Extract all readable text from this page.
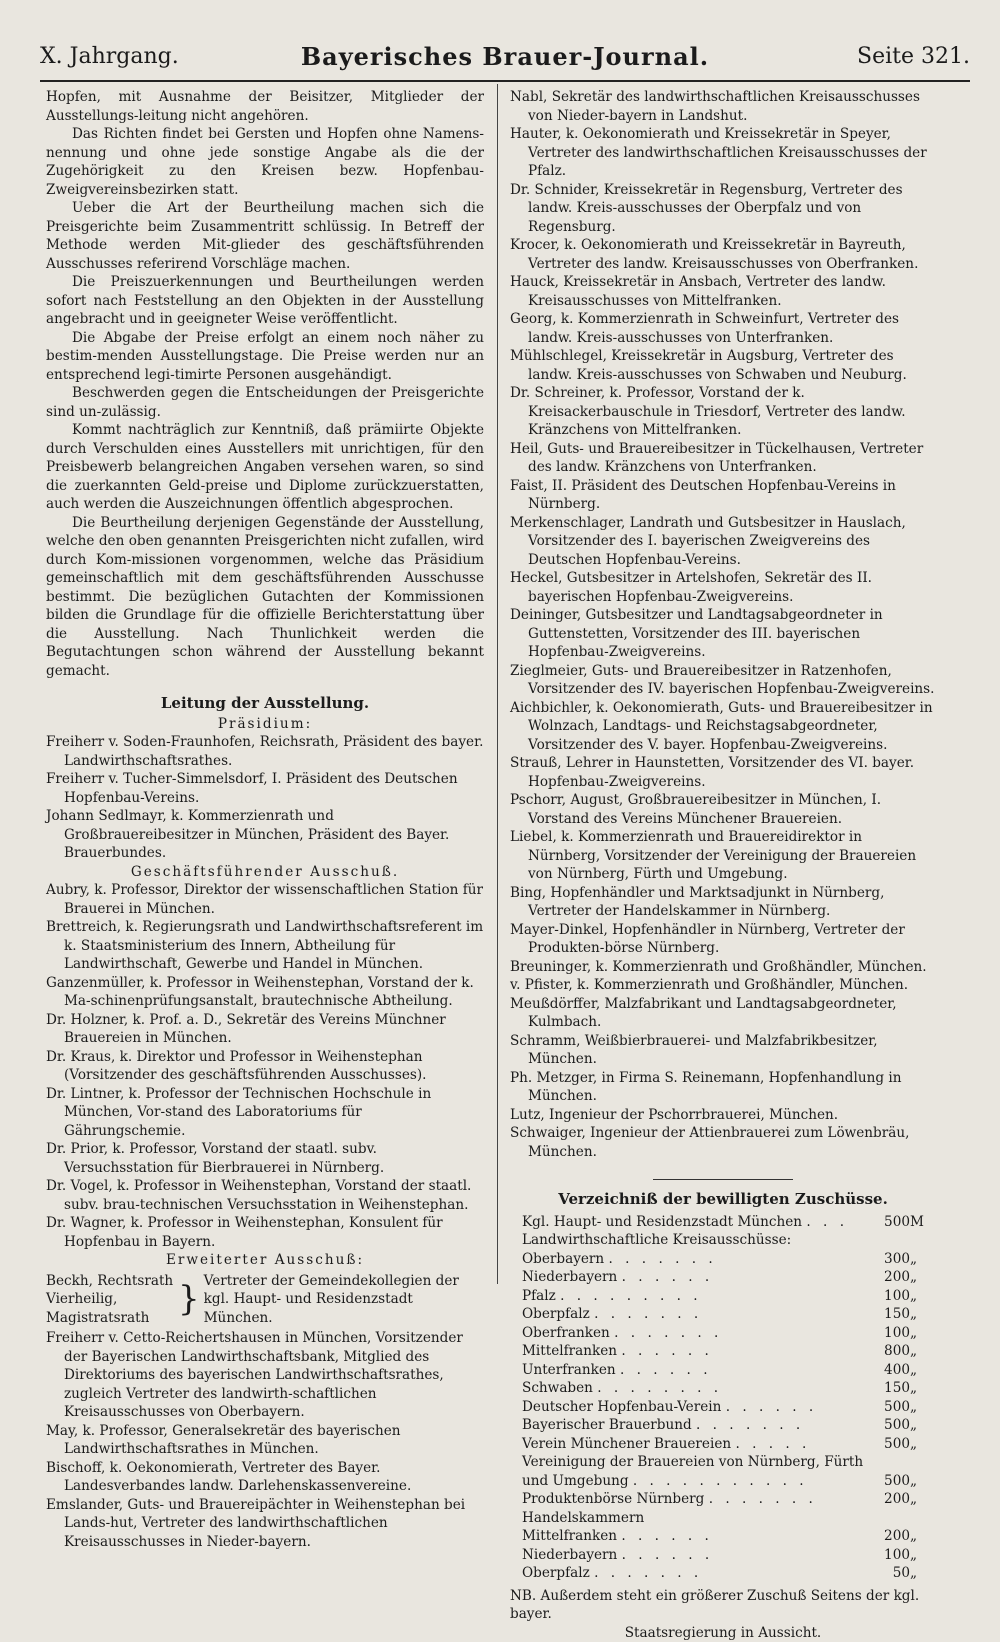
X. Jahrgang.	Bayerisches Brauer-Journal.	Seite 321.

Hopfen, mit Ausnahme der Beisitzer, Mitglieder der Ausstellungs-leitung nicht angehören.

Das Richten findet bei Gersten und Hopfen ohne Namens-nennung und ohne jede sonstige Angabe als die der Zugehörigkeit zu den Kreisen bezw. Hopfenbau-Zweigvereinsbezirken statt.

Ueber die Art der Beurtheilung machen sich die Preisgerichte beim Zusammentritt schlüssig. In Betreff der Methode werden Mit-glieder des geschäftsführenden Ausschusses referirend Vorschläge machen.

Die Preiszuerkennungen und Beurtheilungen werden sofort nach Feststellung an den Objekten in der Ausstellung angebracht und in geeigneter Weise veröffentlicht.

Die Abgabe der Preise erfolgt an einem noch näher zu bestim-menden Ausstellungstage. Die Preise werden nur an entsprechend legi-timirte Personen ausgehändigt.

Beschwerden gegen die Entscheidungen der Preisgerichte sind un-zulässig.

Kommt nachträglich zur Kenntniß, daß prämiirte Objekte durch Verschulden eines Ausstellers mit unrichtigen, für den Preisbewerb belangreichen Angaben versehen waren, so sind die zuerkannten Geld-preise und Diplome zurückzuerstatten, auch werden die Auszeichnungen öffentlich abgesprochen.

Die Beurtheilung derjenigen Gegenstände der Ausstellung, welche den oben genannten Preisgerichten nicht zufallen, wird durch Kom-missionen vorgenommen, welche das Präsidium gemeinschaftlich mit dem geschäftsführenden Ausschusse bestimmt. Die bezüglichen Gutachten der Kommissionen bilden die Grundlage für die offizielle Berichterstattung über die Ausstellung. Nach Thunlichkeit werden die Begutachtungen schon während der Ausstellung bekannt gemacht.

Leitung der Ausstellung.

Präsidium:

Freiherr v. Soden-Fraunhofen, Reichsrath, Präsident des bayer. Landwirthschaftsrathes.

Freiherr v. Tucher-Simmelsdorf, I. Präsident des Deutschen Hopfenbau-Vereins.

Johann Sedlmayr, k. Kommerzienrath und Großbrauereibesitzer in München, Präsident des Bayer. Brauerbundes.

Geschäftsführender Ausschuß.

Aubry, k. Professor, Direktor der wissenschaftlichen Station für Brauerei in München.

Brettreich, k. Regierungsrath und Landwirthschaftsreferent im k. Staatsministerium des Innern, Abtheilung für Landwirthschaft, Gewerbe und Handel in München.

Ganzenmüller, k. Professor in Weihenstephan, Vorstand der k. Ma-schinenprüfungsanstalt, brautechnische Abtheilung.

Dr. Holzner, k. Prof. a. D., Sekretär des Vereins Münchner Brauereien in München.

Dr. Kraus, k. Direktor und Professor in Weihenstephan (Vorsitzender des geschäftsführenden Ausschusses).

Dr. Lintner, k. Professor der Technischen Hochschule in München, Vor-stand des Laboratoriums für Gährungschemie.

Dr. Prior, k. Professor, Vorstand der staatl. subv. Versuchsstation für Bierbrauerei in Nürnberg.

Dr. Vogel, k. Professor in Weihenstephan, Vorstand der staatl. subv. brau-technischen Versuchsstation in Weihenstephan.

Dr. Wagner, k. Professor in Weihenstephan, Konsulent für Hopfenbau in Bayern.

Erweiterter Ausschuß:

Beckh, Rechtsrath
Vierheilig, Magistratsrath } Vertreter der Gemeindekollegien der kgl. Haupt- und Residenzstadt München.

Freiherr v. Cetto-Reichertshausen in München, Vorsitzender der Bayerischen Landwirthschaftsbank, Mitglied des Direktoriums des bayerischen Landwirthschaftsrathes, zugleich Vertreter des landwirth-schaftlichen Kreisausschusses von Oberbayern.

May, k. Professor, Generalsekretär des bayerischen Landwirthschaftsrathes in München.

Bischoff, k. Oekonomierath, Vertreter des Bayer. Landesverbandes landw. Darlehenskassenvereine.

Emslander, Guts- und Brauereipächter in Weihenstephan bei Lands-hut, Vertreter des landwirthschaftlichen Kreisausschusses in Nieder-bayern.

Nabl, Sekretär des landwirthschaftlichen Kreisausschusses von Nieder-bayern in Landshut.

Hauter, k. Oekonomierath und Kreissekretär in Speyer, Vertreter des landwirthschaftlichen Kreisausschusses der Pfalz.

Dr. Schnider, Kreissekretär in Regensburg, Vertreter des landw. Kreis-ausschusses der Oberpfalz und von Regensburg.

Krocer, k. Oekonomierath und Kreissekretär in Bayreuth, Vertreter des landw. Kreisausschusses von Oberfranken.

Hauck, Kreissekretär in Ansbach, Vertreter des landw. Kreisausschusses von Mittelfranken.

Georg, k. Kommerzienrath in Schweinfurt, Vertreter des landw. Kreis-ausschusses von Unterfranken.

Mühlschlegel, Kreissekretär in Augsburg, Vertreter des landw. Kreis-ausschusses von Schwaben und Neuburg.

Dr. Schreiner, k. Professor, Vorstand der k. Kreisackerbauschule in Triesdorf, Vertreter des landw. Kränzchens von Mittelfranken.

Heil, Guts- und Brauereibesitzer in Tückelhausen, Vertreter des landw. Kränzchens von Unterfranken.

Faist, II. Präsident des Deutschen Hopfenbau-Vereins in Nürnberg.

Merkenschlager, Landrath und Gutsbesitzer in Hauslach, Vorsitzender des I. bayerischen Zweigvereins des Deutschen Hopfenbau-Vereins.

Heckel, Gutsbesitzer in Artelshofen, Sekretär des II. bayerischen Hopfenbau-Zweigvereins.

Deininger, Gutsbesitzer und Landtagsabgeordneter in Guttenstetten, Vorsitzender des III. bayerischen Hopfenbau-Zweigvereins.

Zieglmeier, Guts- und Brauereibesitzer in Ratzenhofen, Vorsitzender des IV. bayerischen Hopfenbau-Zweigvereins.

Aichbichler, k. Oekonomierath, Guts- und Brauereibesitzer in Wolnzach, Landtags- und Reichstagsabgeordneter, Vorsitzender des V. bayer. Hopfenbau-Zweigvereins.

Strauß, Lehrer in Haunstetten, Vorsitzender des VI. bayer. Hopfenbau-Zweigvereins.

Pschorr, August, Großbrauereibesitzer in München, I. Vorstand des Vereins Münchener Brauereien.

Liebel, k. Kommerzienrath und Brauereidirektor in Nürnberg, Vorsitzender der Vereinigung der Brauereien von Nürnberg, Fürth und Umgebung.

Bing, Hopfenhändler und Marktsadjunkt in Nürnberg, Vertreter der Handelskammer in Nürnberg.

Mayer-Dinkel, Hopfenhändler in Nürnberg, Vertreter der Produkten-börse Nürnberg.

Breuninger, k. Kommerzienrath und Großhändler, München.

v. Pfister, k. Kommerzienrath und Großhändler, München.

Meußdörffer, Malzfabrikant und Landtagsabgeordneter, Kulmbach.

Schramm, Weißbierbrauerei- und Malzfabrikbesitzer, München.

Ph. Metzger, in Firma S. Reinemann, Hopfenhandlung in München.

Lutz, Ingenieur der Pschorrbrauerei, München.

Schwaiger, Ingenieur der Attienbrauerei zum Löwenbräu, München.

Verzeichniß der bewilligten Zuschüsse.
Kgl. Haupt- und Residenzstadt München . . .	500	M
Landwirthschaftliche Kreisausschüsse:		
Oberbayern . . . . . . .	300	„
Niederbayern . . . . . .	200	„
Pfalz . . . . . . . . .	100	„
Oberpfalz . . . . . . .	150	„
Oberfranken . . . . . . .	100	„
Mittelfranken . . . . . .	800	„
Unterfranken . . . . . .	400	„
Schwaben . . . . . . . .	150	„
Deutscher Hopfenbau-Verein . . . . . .	500	„
Bayerischer Brauerbund . . . . . . .	500	„
Verein Münchener Brauereien . . . . .	500	„
Vereinigung der Brauereien von Nürnberg, Fürth		
und Umgebung . . . . . . . . . . .	500	„
Produktenbörse Nürnberg . . . . . . .	200	„
Handelskammern		
Mittelfranken . . . . . .	200	„
Niederbayern . . . . . .	100	„
Oberpfalz . . . . . . .	50	„

NB. Außerdem steht ein größerer Zuschuß Seitens der kgl. bayer.

Staatsregierung in Aussicht.
